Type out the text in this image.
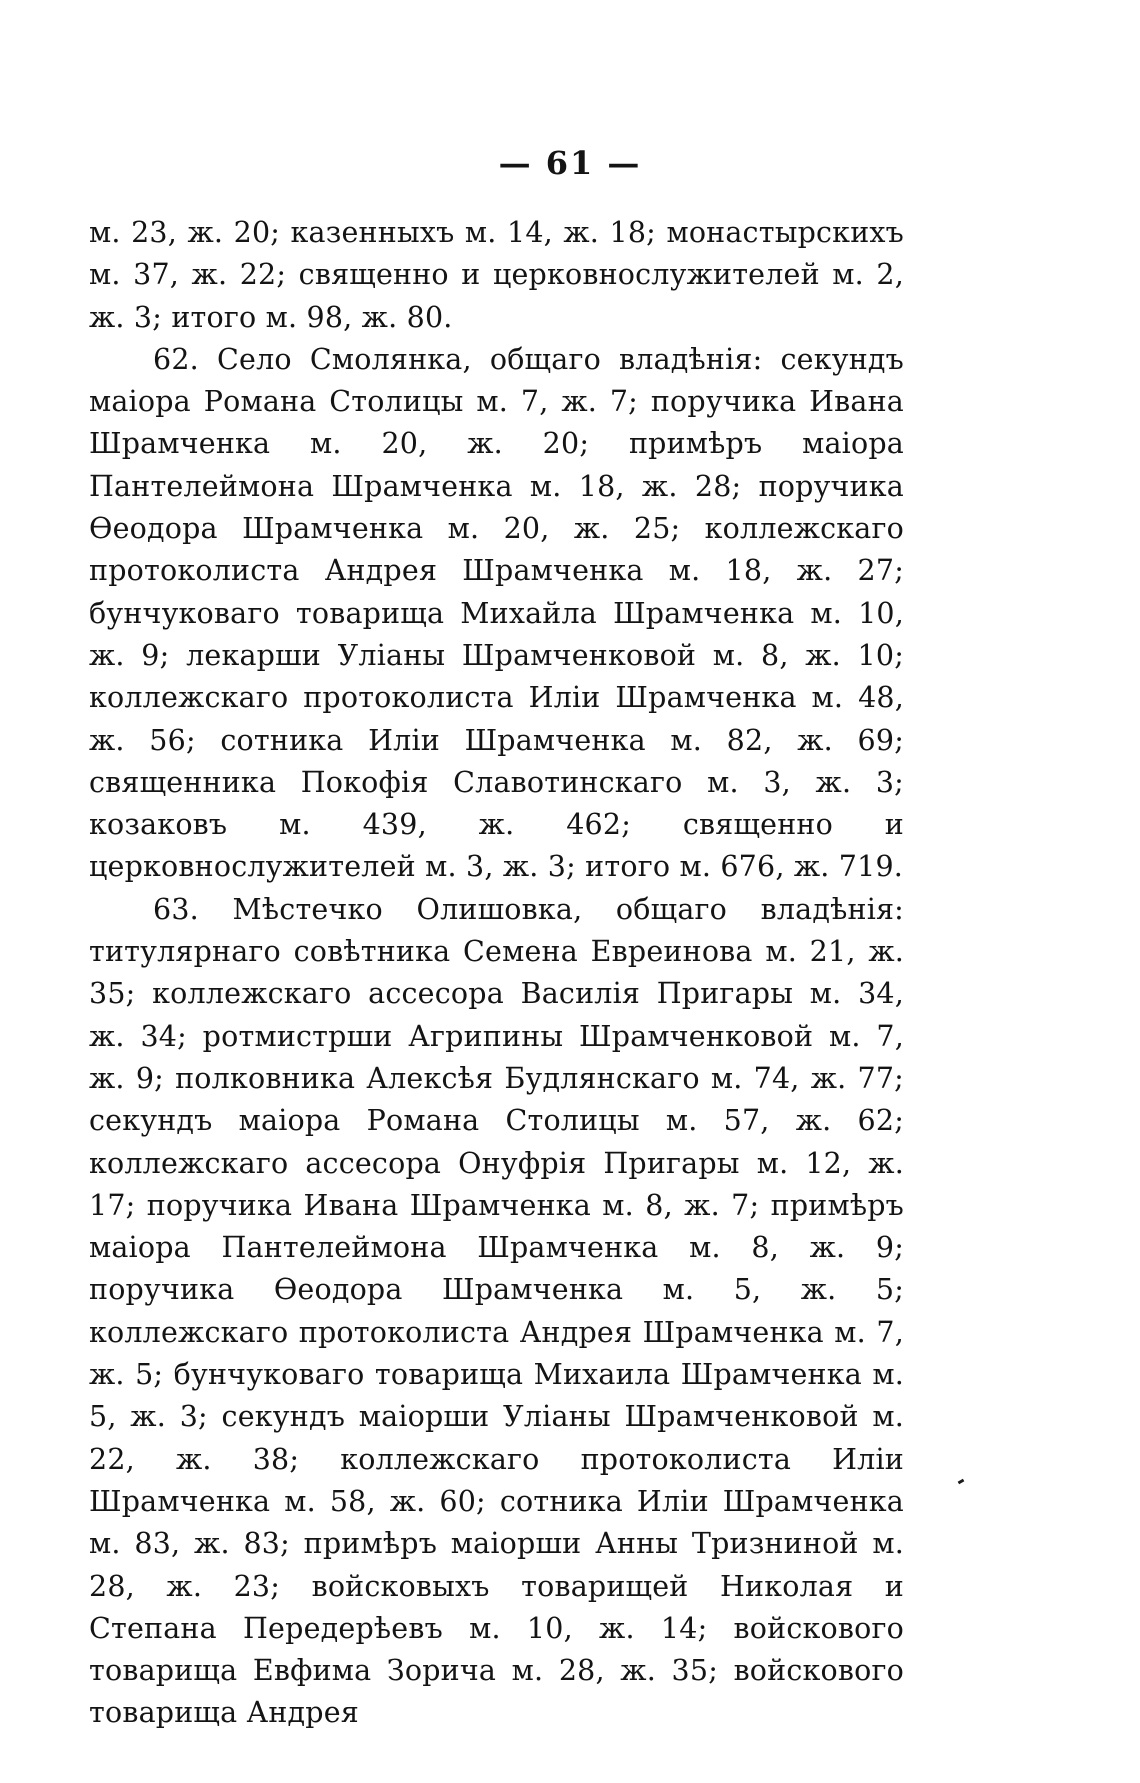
— 61 —

м. 23, ж. 20; казенныхъ м. 14, ж. 18; монастырскихъ м. 37, ж. 22; священно и церковнослужителей м. 2, ж. 3; итого м. 98, ж. 80.

62. Село Смолянка, общаго владѣнія: секундъ маіора Романа Столицы м. 7, ж. 7; поручика Ивана Шрамченка м. 20, ж. 20; примѣръ маіора Пантелеймона Шрамченка м. 18, ж. 28; поручика Өеодора Шрамченка м. 20, ж. 25; коллежскаго протоколиста Андрея Шрамченка м. 18, ж. 27; бунчуковаго товарища Михайла Шрамченка м. 10, ж. 9; лекарши Уліаны Шрамченковой м. 8, ж. 10; коллежскаго протоколиста Иліи Шрамченка м. 48, ж. 56; сотника Иліи Шрамченка м. 82, ж. 69; священника Покофія Славотинскаго м. 3, ж. 3; козаковъ м. 439, ж. 462; священно и церковнослужителей м. 3, ж. 3; итого м. 676, ж. 719.

63. Мѣстечко Олишовка, общаго владѣнія: титулярнаго совѣтника Семена Евреинова м. 21, ж. 35; коллежскаго ассесора Василія Пригары м. 34, ж. 34; ротмистрши Агрипины Шрамченковой м. 7, ж. 9; полковника Алексѣя Будлянскаго м. 74, ж. 77; секундъ маіора Романа Столицы м. 57, ж. 62; коллежскаго ассесора Онуфрія Пригары м. 12, ж. 17; поручика Ивана Шрамченка м. 8, ж. 7; примѣръ маіора Пантелеймона Шрамченка м. 8, ж. 9; поручика Өеодора Шрамченка м. 5, ж. 5; коллежскаго протоколиста Андрея Шрамченка м. 7, ж. 5; бунчуковаго товарища Михаила Шрамченка м. 5, ж. 3; секундъ маіорши Уліаны Шрамченковой м. 22, ж. 38; коллежскаго протоколиста Иліи Шрамченка м. 58, ж. 60; сотника Иліи Шрамченка м. 83, ж. 83; примѣръ маіорши Анны Тризниной м. 28, ж. 23; войсковыхъ товарищей Николая и Степана Передерѣевъ м. 10, ж. 14; войскового товарища Евфима Зорича м. 28, ж. 35; войскового товарища Андрея
